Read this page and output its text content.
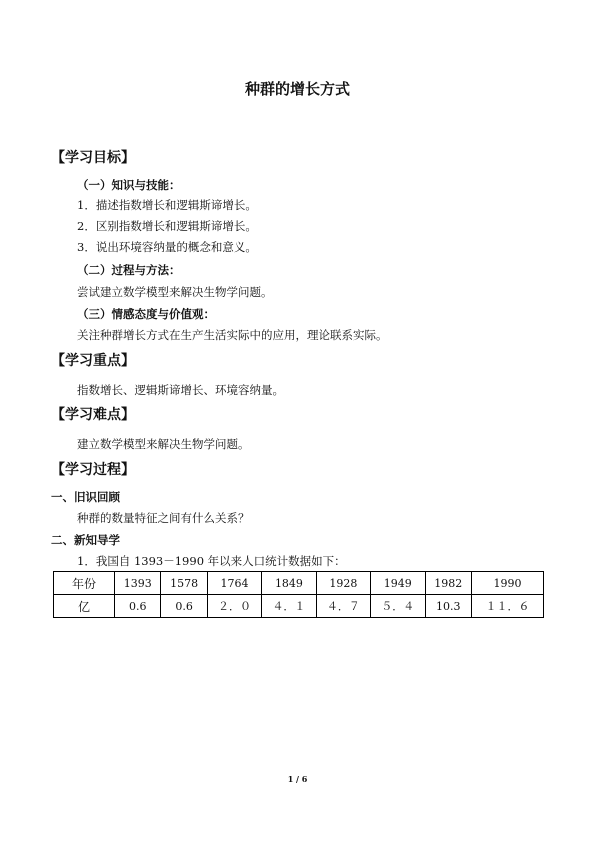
种群的增长方式
【学习目标】
（一）知识与技能：
1．描述指数增长和逻辑斯谛增长。
2．区别指数增长和逻辑斯谛增长。
3．说出环境容纳量的概念和意义。
（二）过程与方法：
尝试建立数学模型来解决生物学问题。
（三）情感态度与价值观：
关注种群增长方式在生产生活实际中的应用，理论联系实际。
【学习重点】
指数增长、逻辑斯谛增长、环境容纳量。
【学习难点】
建立数学模型来解决生物学问题。
【学习过程】
一、旧识回顾
种群的数量特征之间有什么关系？
二、新知导学
1．我国自 1393－1990 年以来人口统计数据如下：
年份	1393	1578	1764	1849	1928	1949	1982	1990
亿	0.6	0.6	２．０	４．１	４．７	５．４	10.3	１１．６
1 / 6
